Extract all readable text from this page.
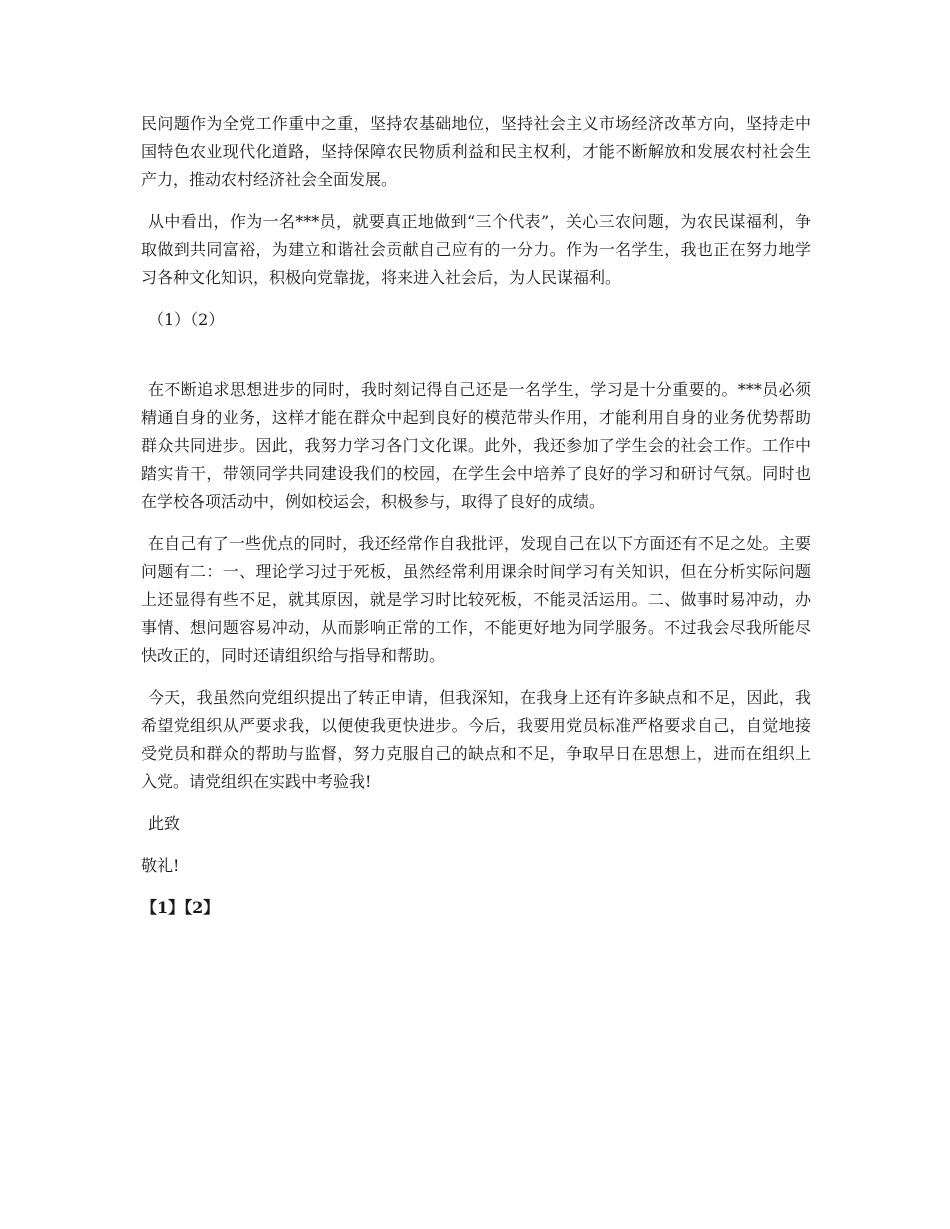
民问题作为全党工作重中之重，坚持农基础地位，坚持社会主义市场经济改革方向，坚持走中国特色农业现代化道路，坚持保障农民物质利益和民主权利，才能不断解放和发展农村社会生产力，推动农村经济社会全面发展。

从中看出，作为一名***员，就要真正地做到“三个代表”，关心三农问题，为农民谋福利，争取做到共同富裕，为建立和谐社会贡献自己应有的一分力。作为一名学生，我也正在努力地学习各种文化知识，积极向党靠拢，将来进入社会后，为人民谋福利。

（1）（2）

在不断追求思想进步的同时，我时刻记得自己还是一名学生，学习是十分重要的。***员必须精通自身的业务，这样才能在群众中起到良好的模范带头作用，才能利用自身的业务优势帮助群众共同进步。因此，我努力学习各门文化课。此外，我还参加了学生会的社会工作。工作中踏实肯干，带领同学共同建设我们的校园，在学生会中培养了良好的学习和研讨气氛。同时也在学校各项活动中，例如校运会，积极参与，取得了良好的成绩。

在自己有了一些优点的同时，我还经常作自我批评，发现自己在以下方面还有不足之处。主要问题有二：一、理论学习过于死板，虽然经常利用课余时间学习有关知识，但在分析实际问题上还显得有些不足，就其原因，就是学习时比较死板，不能灵活运用。二、做事时易冲动，办事情、想问题容易冲动，从而影响正常的工作，不能更好地为同学服务。不过我会尽我所能尽快改正的，同时还请组织给与指导和帮助。

今天，我虽然向党组织提出了转正申请，但我深知，在我身上还有许多缺点和不足，因此，我希望党组织从严要求我，以便使我更快进步。今后，我要用党员标准严格要求自己，自觉地接受党员和群众的帮助与监督，努力克服自己的缺点和不足，争取早日在思想上，进而在组织上入党。请党组织在实践中考验我!

此致

敬礼!

【1】【2】
